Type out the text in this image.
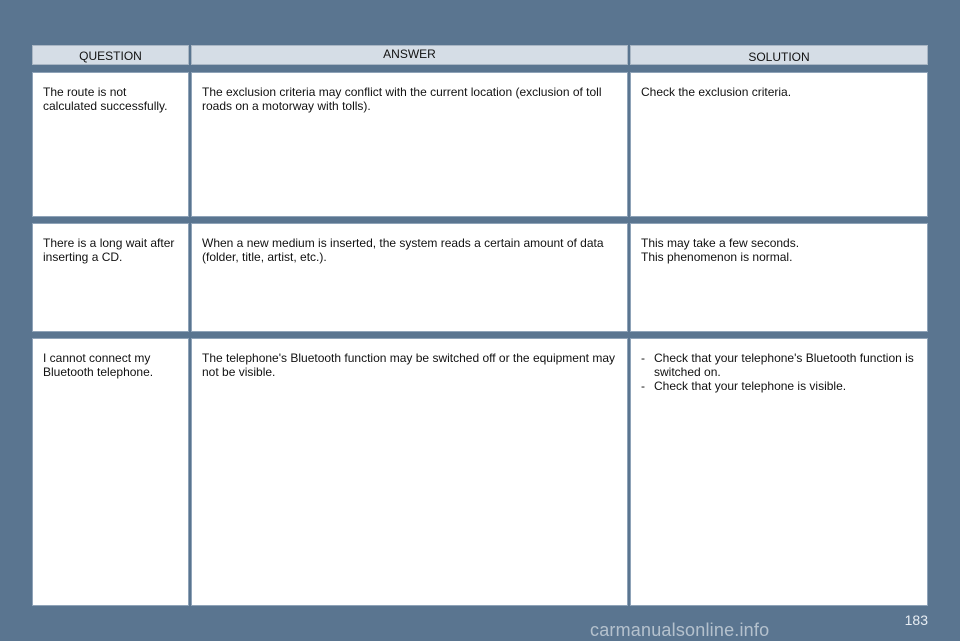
QUESTION	ANSWER	SOLUTION

The route is not calculated successfully.

The exclusion criteria may conflict with the current location (exclusion of toll roads on a motorway with tolls).

Check the exclusion criteria.

There is a long wait after inserting a CD.

When a new medium is inserted, the system reads a certain amount of data (folder, title, artist, etc.).

This may take a few seconds.

This phenomenon is normal.

I cannot connect my Bluetooth telephone.

The telephone's Bluetooth function may be switched off or the equipment may not be visible.

- Check that your telephone's Bluetooth function is switched on.
- Check that your telephone is visible.
183
carmanualsonline.info
